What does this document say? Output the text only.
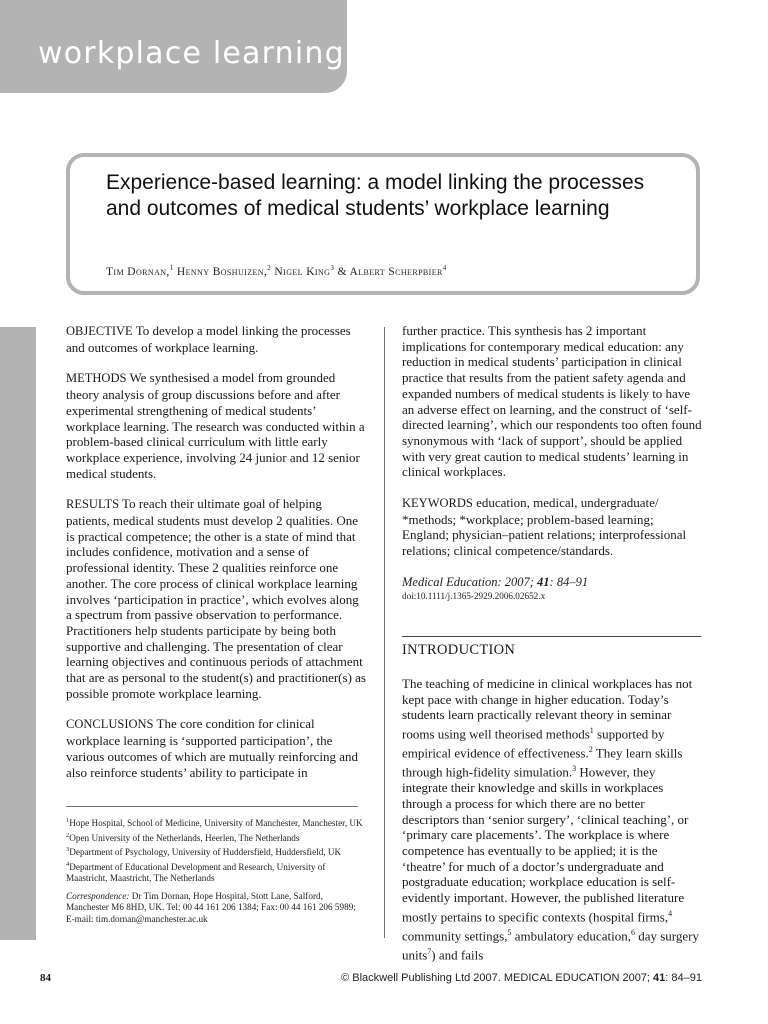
workplace learning
Experience-based learning: a model linking the processes and outcomes of medical students’ workplace learning
Tim Dornan,$^1$ Henny Boshuizen,$^2$ Nigel King$^3$ & Albert Scherpbier$^4$

OBJECTIVE To develop a model linking the processes and outcomes of workplace learning.

METHODS We synthesised a model from grounded theory analysis of group discussions before and after experimental strengthening of medical students’ workplace learning. The research was conducted within a problem-based clinical curriculum with little early workplace experience, involving 24 junior and 12 senior medical students.

RESULTS To reach their ultimate goal of helping patients, medical students must develop 2 qualities. One is practical competence; the other is a state of mind that includes confidence, motivation and a sense of professional identity. These 2 qualities reinforce one another. The core process of clinical workplace learning involves ‘participation in practice’, which evolves along a spectrum from passive observation to performance. Practitioners help students participate by being both supportive and challenging. The presentation of clear learning objectives and continuous periods of attachment that are as personal to the student(s) and practitioner(s) as possible promote workplace learning.

CONCLUSIONS The core condition for clinical workplace learning is ‘supported participation’, the various outcomes of which are mutually reinforcing and also reinforce students’ ability to participate in

$^1$Hope Hospital, School of Medicine, University of Manchester, Manchester, UK
$^2$Open University of the Netherlands, Heerlen, The Netherlands
$^3$Department of Psychology, University of Huddersfield, Huddersfield, UK
$^4$Department of Educational Development and Research, University of Maastricht, Maastricht, The Netherlands
Correspondence: Dr Tim Dornan, Hope Hospital, Stott Lane, Salford, Manchester M6 8HD, UK. Tel: 00 44 161 206 1384; Fax: 00 44 161 206 5989; E-mail: tim.dornan@manchester.ac.uk

further practice. This synthesis has 2 important implications for contemporary medical education: any reduction in medical students’ participation in clinical practice that results from the patient safety agenda and expanded numbers of medical students is likely to have an adverse effect on learning, and the construct of ‘self-directed learning’, which our respondents too often found synonymous with ‘lack of support’, should be applied with very great caution to medical students’ learning in clinical workplaces.

KEYWORDS education, medical, undergraduate/ *methods; *workplace; problem-based learning; England; physician–patient relations; interprofessional relations; clinical competence/standards.

Medical Education: 2007; 41: 84–91
doi:10.1111/j.1365-2929.2006.02652.x
INTRODUCTION
The teaching of medicine in clinical workplaces has not kept pace with change in higher education. Today’s students learn practically relevant theory in seminar rooms using well theorised methods$^1$ supported by empirical evidence of effectiveness.$^2$ They learn skills through high-fidelity simulation.$^3$ However, they integrate their knowledge and skills in workplaces through a process for which there are no better descriptors than ‘senior surgery’, ‘clinical teaching’, or ‘primary care placements’. The workplace is where competence has eventually to be applied; it is the ‘theatre’ for much of a doctor’s undergraduate and postgraduate education; workplace education is self-evidently important. However, the published literature mostly pertains to specific contexts (hospital firms,$^4$ community settings,$^5$ ambulatory education,$^6$ day surgery units$^7$) and fails
84	© Blackwell Publishing Ltd 2007. MEDICAL EDUCATION 2007; 41: 84–91
